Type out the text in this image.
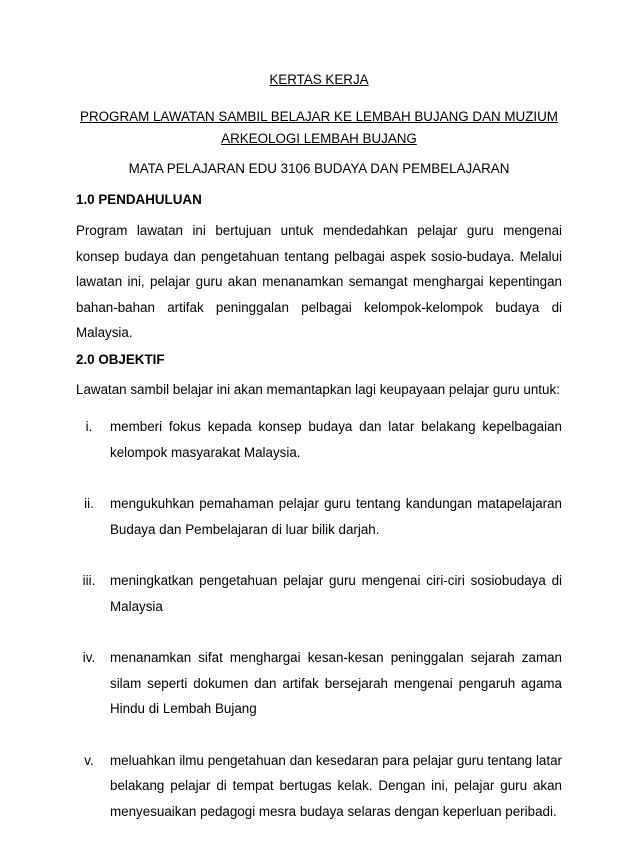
KERTAS KERJA
PROGRAM LAWATAN SAMBIL BELAJAR KE LEMBAH BUJANG DAN MUZIUM ARKEOLOGI LEMBAH BUJANG
MATA PELAJARAN EDU 3106 BUDAYA DAN PEMBELAJARAN
1.0 PENDAHULUAN
Program lawatan ini bertujuan untuk mendedahkan pelajar guru mengenai konsep budaya dan pengetahuan tentang pelbagai aspek sosio-budaya. Melalui lawatan ini, pelajar guru akan menanamkan semangat menghargai kepentingan bahan-bahan artifak peninggalan pelbagai kelompok-kelompok budaya di Malaysia.
2.0 OBJEKTIF
Lawatan sambil belajar ini akan memantapkan lagi keupayaan pelajar guru untuk:
i.	memberi fokus kepada konsep budaya dan latar belakang kepelbagaian kelompok masyarakat Malaysia.
ii.	mengukuhkan pemahaman pelajar guru tentang kandungan matapelajaran Budaya dan Pembelajaran di luar bilik darjah.
iii.	meningkatkan pengetahuan pelajar guru mengenai ciri-ciri sosiobudaya di Malaysia
iv.	menanamkan sifat menghargai kesan-kesan peninggalan sejarah zaman silam seperti dokumen dan artifak bersejarah mengenai pengaruh agama Hindu di Lembah Bujang
v.	meluahkan ilmu pengetahuan dan kesedaran para pelajar guru tentang latar belakang pelajar di tempat bertugas kelak. Dengan ini, pelajar guru akan menyesuaikan pedagogi mesra budaya selaras dengan keperluan peribadi.
